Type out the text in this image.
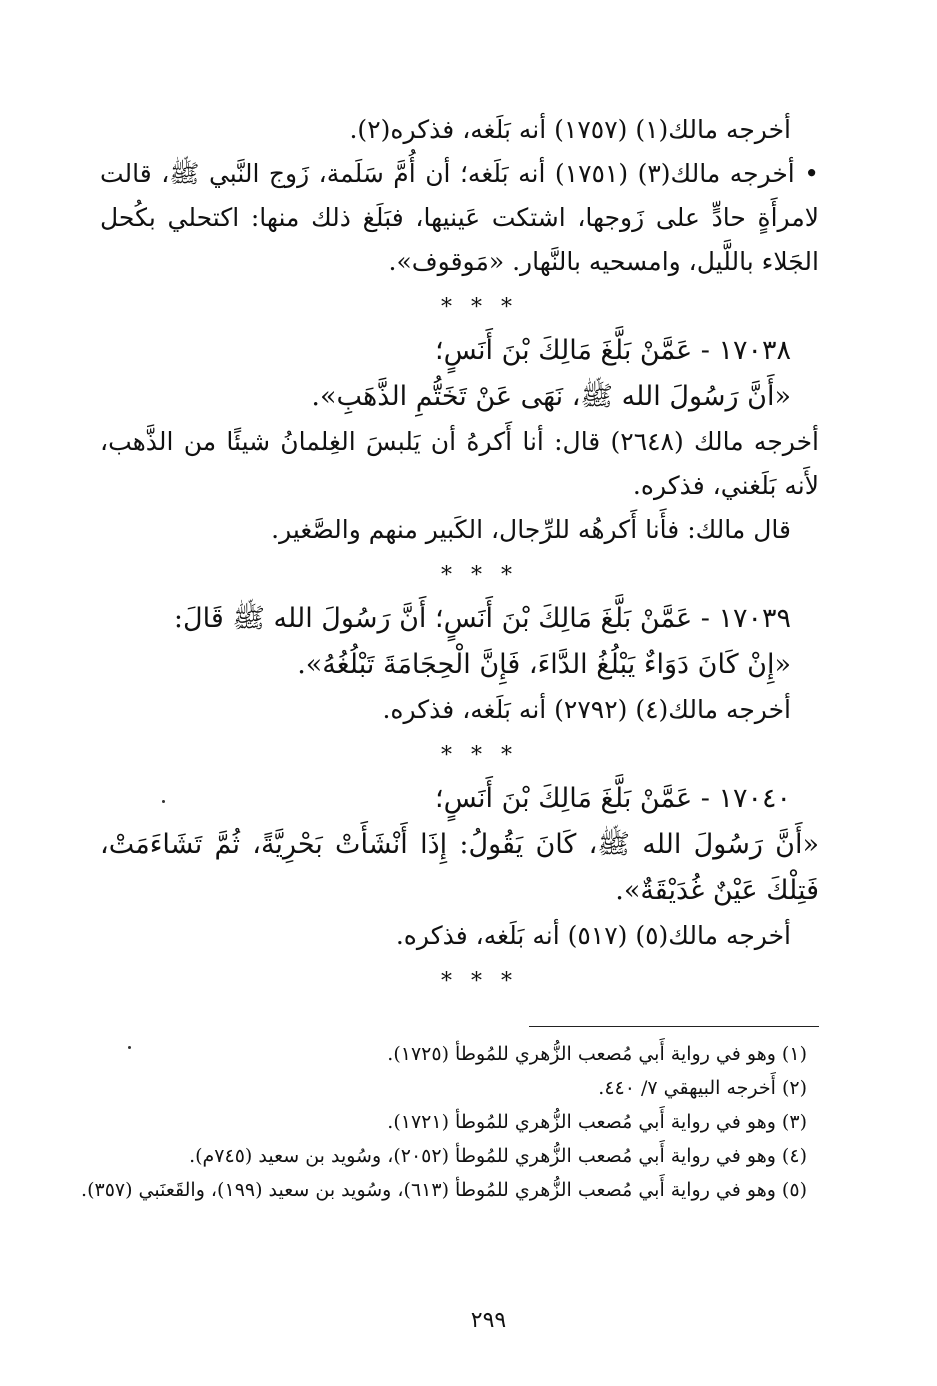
أخرجه مالك(١) (١٧٥٧) أنه بَلَغه، فذكره(٢).

• أخرجه مالك(٣) (١٧٥١) أنه بَلَغه؛ أن أُمَّ سَلَمة، زَوج النَّبي ﷺ، قالت لامرأَةٍ حادٍّ على زَوجها، اشتكت عَينيها، فبَلَغ ذلك منها: اكتحلي بكُحل الجَلاء باللَّيل، وامسحيه بالنَّهار. «مَوقوف».

* * *

١٧٠٣٨ - عَمَّنْ بَلَّغَ مَالِكَ بْنَ أَنَسٍ؛

«أَنَّ رَسُولَ الله ﷺ، نَهَى عَنْ تَخَتُّمِ الذَّهَبِ».

أخرجه مالك (٢٦٤٨) قال: أنا أَكرهُ أن يَلبسَ الغِلمانُ شيئًا من الذَّهب، لأَنه بَلَغني، فذكره.

قال مالك: فأَنا أَكرهُه للرِّجال، الكَبير منهم والصَّغير.

* * *

١٧٠٣٩ - عَمَّنْ بَلَّغَ مَالِكَ بْنَ أَنَسٍ؛ أَنَّ رَسُولَ الله ﷺ قَالَ:

«إِنْ كَانَ دَوَاءٌ يَبْلُغُ الدَّاءَ، فَإِنَّ الْحِجَامَةَ تَبْلُغُهُ».

أخرجه مالك(٤) (٢٧٩٢) أنه بَلَغه، فذكره.

* * *

١٧٠٤٠ - عَمَّنْ بَلَّغَ مَالِكَ بْنَ أَنَسٍ؛

«أَنَّ رَسُولَ الله ﷺ، كَانَ يَقُولُ: إِذَا أَنْشَأَتْ بَحْرِيَّةً، ثُمَّ تَشَاءَمَتْ، فَتِلْكَ عَيْنٌ غُدَيْقَةٌ».

أخرجه مالك(٥) (٥١٧) أنه بَلَغه، فذكره.

* * *
(١) وهو في رواية أَبي مُصعب الزُّهري للمُوطأ (١٧٢٥).
(٢) أَخرجه البيهقي ٧/ ٤٤٠.
(٣) وهو في رواية أَبي مُصعب الزُّهري للمُوطأ (١٧٢١).
(٤) وهو في رواية أَبي مُصعب الزُّهري للمُوطأ (٢٠٥٢)، وسُويد بن سعيد (٧٤٥م).
(٥) وهو في رواية أَبي مُصعب الزُّهري للمُوطأ (٦١٣)، وسُويد بن سعيد (١٩٩)، والقَعنَبي (٣٥٧).
٢٩٩
